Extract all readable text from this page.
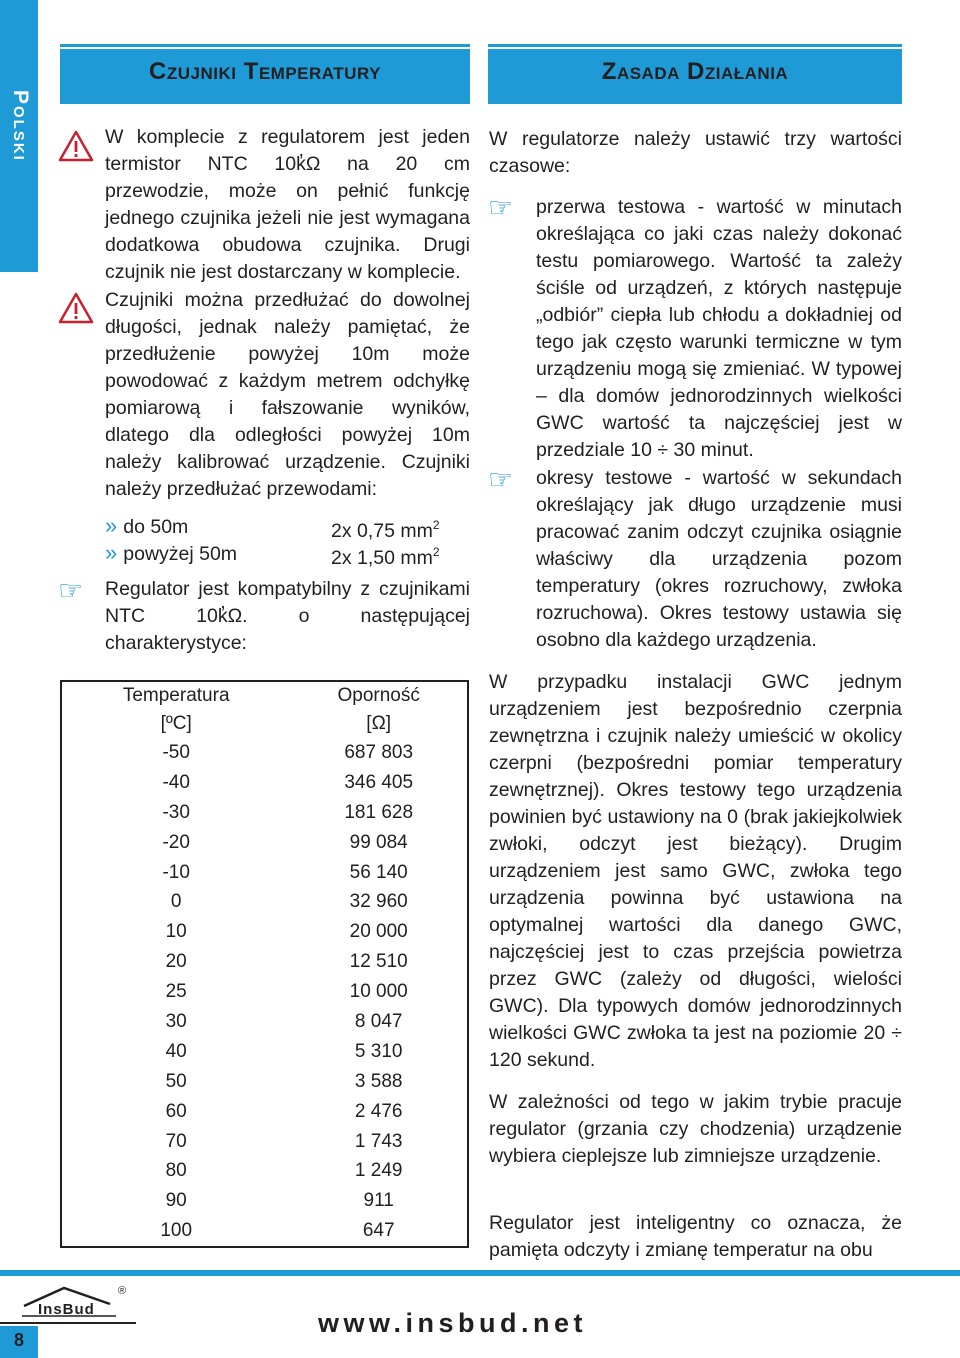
Polski
Czujniki Temperatury	Zasada Działania
W komplecie z regulatorem jest jeden termistor NTC 10k̓Ω na 20 cm przewodzie, może on pełnić funkcję jednego czujnika jeżeli nie jest wymagana dodatkowa obudowa czujnika. Drugi czujnik nie jest dostarczany w komplecie.
Czujniki można przedłużać do dowolnej długości, jednak należy pamiętać, że przedłużenie powyżej 10m może powodować z każdym metrem odchyłkę pomiarową i fałszowanie wyników, dlatego dla odległości powyżej 10m należy kalibrować urządzenie. Czujniki należy przedłużać przewodami:
» do 50m	2x 0,75 $mm^2$
» powyżej 50m	2x 1,50 $mm^2$
☞ Regulator jest kompatybilny z czujnikami NTC 10k̓Ω. o następującej charakterystyce:
Temperatura	Oporność
[ºC]	[Ω]
-50	687 803
-40	346 405
-30	181 628
-20	99 084
-10	56 140
0	32 960
10	20 000
20	12 510
25	10 000
30	8 047
40	5 310
50	3 588
60	2 476
70	1 743
80	1 249
90	911
100	647
W regulatorze należy ustawić trzy wartości czasowe:
☞ przerwa testowa - wartość w minutach określająca co jaki czas należy dokonać testu pomiarowego. Wartość ta zależy ściśle od urządzeń, z których następuje „odbiór” ciepła lub chłodu a dokładniej od tego jak często warunki termiczne w tym urządzeniu mogą się zmieniać. W typowej – dla domów jednorodzinnych wielkości GWC wartość ta najczęściej jest w przedziale 10 ÷ 30 minut.
☞ okresy testowe - wartość w sekundach określający jak długo urządzenie musi pracować zanim odczyt czujnika osiągnie właściwy dla urządzenia pozom temperatury (okres rozruchowy, zwłoka rozruchowa). Okres testowy ustawia się osobno dla każdego urządzenia.
W przypadku instalacji GWC jednym urządzeniem jest bezpośrednio czerpnia zewnętrzna i czujnik należy umieścić w okolicy czerpni (bezpośredni pomiar temperatury zewnętrznej). Okres testowy tego urządzenia powinien być ustawiony na 0 (brak jakiejkolwiek zwłoki, odczyt jest bieżący). Drugim urządzeniem jest samo GWC, zwłoka tego urządzenia powinna być ustawiona na optymalnej wartości dla danego GWC, najczęściej jest to czas przejścia powietrza przez GWC (zależy od długości, wielości GWC). Dla typowych domów jednorodzinnych wielkości GWC zwłoka ta jest na poziomie 20 ÷ 120 sekund.
W zależności od tego w jakim trybie pracuje regulator (grzania czy chodzenia) urządzenie wybiera cieplejsze lub zimniejsze urządzenie.
Regulator jest inteligentny co oznacza, że pamięta odczyty i zmianę temperatur na obu
InsBud
®
www.insbud.net
8
